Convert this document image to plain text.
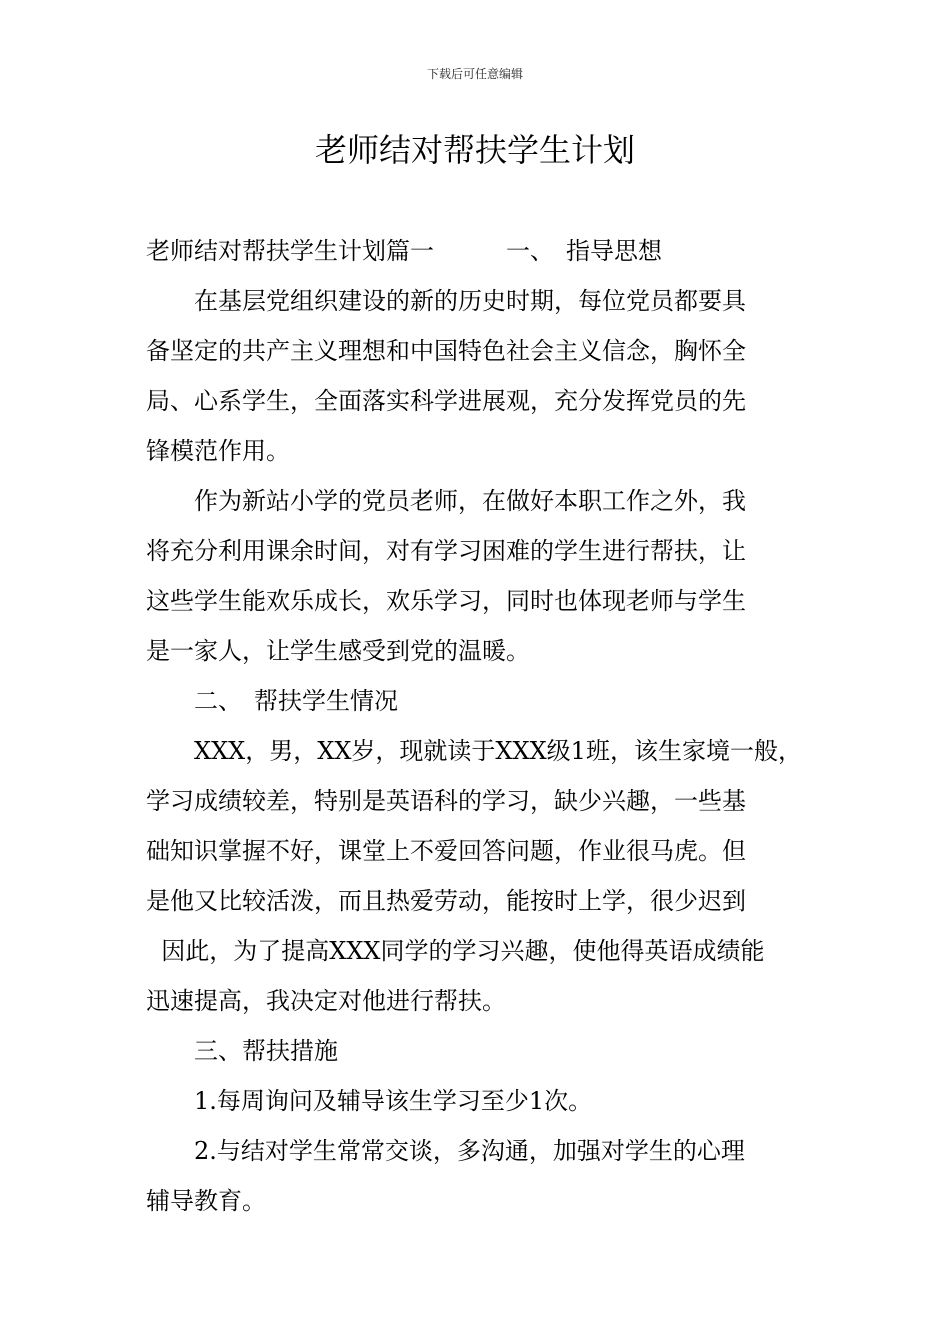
下载后可任意编辑
老师结对帮扶学生计划
老师结对帮扶学生计划篇一　　　一、　指导思想
　　在基层党组织建设的新的历史时期，每位党员都要具
备坚定的共产主义理想和中国特色社会主义信念，胸怀全
局、心系学生，全面落实科学进展观，充分发挥党员的先
锋模范作用。
　　作为新站小学的党员老师，在做好本职工作之外，我
将充分利用课余时间，对有学习困难的学生进行帮扶，让
这些学生能欢乐成长，欢乐学习，同时也体现老师与学生
是一家人，让学生感受到党的温暖。
　　二、　帮扶学生情况
　　XXX，男，XX岁，现就读于XXX级1班，该生家境一般，
学习成绩较差，特别是英语科的学习，缺少兴趣，一些基
础知识掌握不好，课堂上不爱回答问题，作业很马虎。但
是他又比较活泼，而且热爱劳动，能按时上学，很少迟到
因此，为了提高XXX同学的学习兴趣，使他得英语成绩能
迅速提高，我决定对他进行帮扶。
　　三、帮扶措施
　　1.每周询问及辅导该生学习至少1次。
　　2.与结对学生常常交谈，多沟通，加强对学生的心理
辅导教育。
